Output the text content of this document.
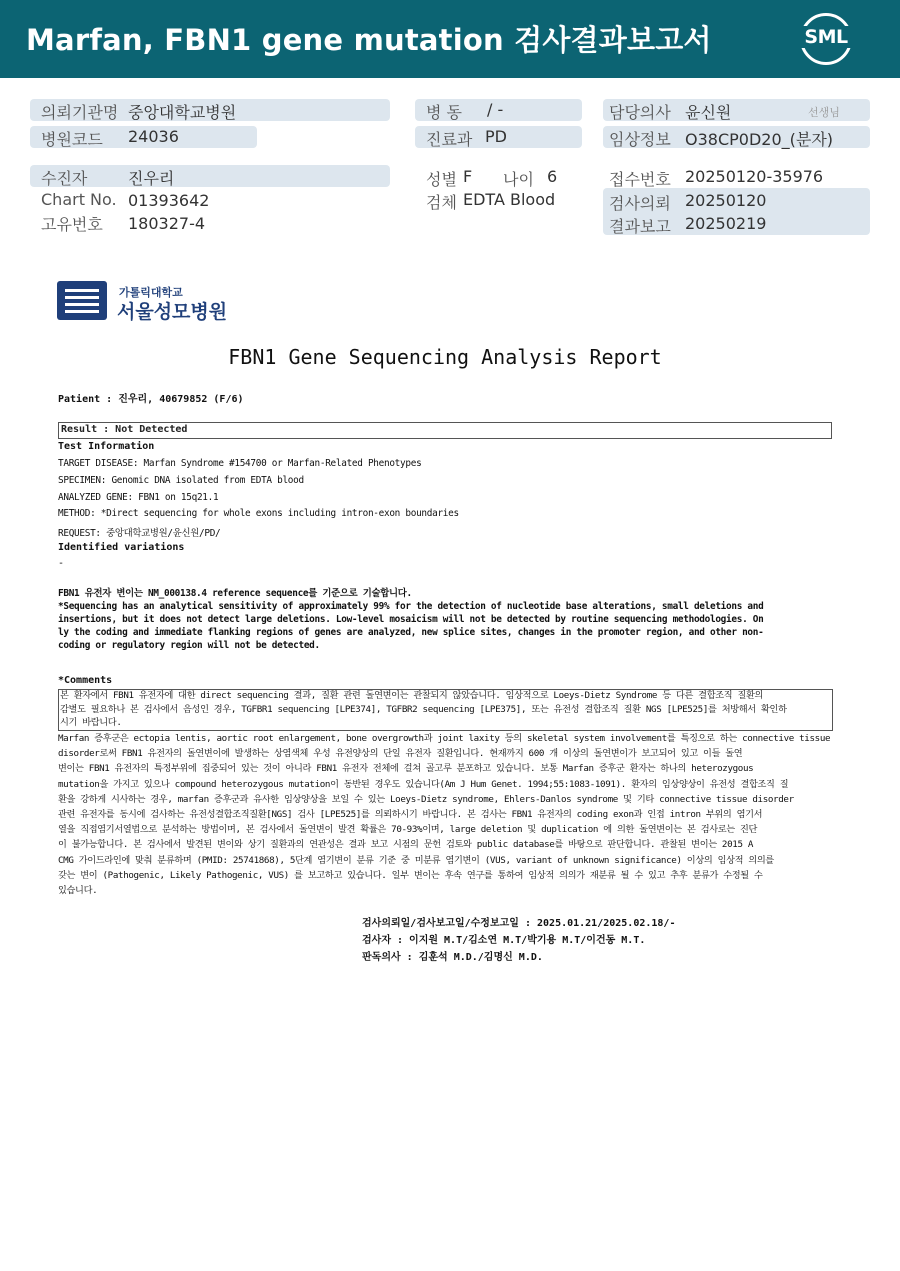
Marfan, FBN1 gene mutation 검사결과보고서	SML
의뢰기관명 중앙대학교병원
병원코드 24036
병 동 / -
진료과 PD
담당의사 윤신원	선생님
임상정보 O38CP0D20_(분자)
수진자	진우리
Chart No. 01393642
고유번호 180327-4
성별 F 나이 6
검체 EDTA Blood
접수번호 20250120-35976
검사의뢰 20250120
결과보고 20250219
가톨릭대학교
서울성모병원
FBN1 Gene Sequencing Analysis Report
Patient : 진우리, 40679852 (F/6)
Result : Not Detected
Test Information
TARGET DISEASE: Marfan Syndrome #154700 or Marfan-Related Phenotypes
SPECIMEN: Genomic DNA isolated from EDTA blood
ANALYZED GENE: FBN1 on 15q21.1
METHOD: *Direct sequencing for whole exons including intron-exon boundaries
REQUEST: 중앙대학교병원/윤신원/PD/
Identified variations
-
FBN1 유전자 변이는 NM_000138.4 reference sequence를 기준으로 기술합니다.
*Sequencing has an analytical sensitivity of approximately 99% for the detection of nucleotide base alterations, small deletions and
insertions, but it does not detect large deletions. Low-level mosaicism will not be detected by routine sequencing methodologies. On
ly the coding and immediate flanking regions of genes are analyzed, new splice sites, changes in the promoter region, and other non-
coding or regulatory region will not be detected.
*Comments
본 환자에서 FBN1 유전자에 대한 direct sequencing 결과, 질환 관련 돌연변이는 관찰되지 않았습니다. 임상적으로 Loeys-Dietz Syndrome 등 다른 결합조직 질환의
감별도 필요하나 본 검사에서 음성인 경우, TGFBR1 sequencing [LPE374], TGFBR2 sequencing [LPE375], 또는 유전성 결합조직 질환 NGS [LPE525]를 처방해서 확인하
시기 바랍니다.
Marfan 증후군은 ectopia lentis, aortic root enlargement, bone overgrowth과 joint laxity 등의 skeletal system involvement를 특징으로 하는 connective tissue
disorder로써 FBN1 유전자의 돌연변이에 발생하는 상염색체 우성 유전양상의 단일 유전자 질환입니다. 현재까지 600 개 이상의 돌연변이가 보고되어 있고 이들 돌연
변이는 FBN1 유전자의 특정부위에 집중되어 있는 것이 아니라 FBN1 유전자 전체에 걸쳐 골고루 분포하고 있습니다. 보통 Marfan 증후군 환자는 하나의 heterozygous
mutation을 가지고 있으나 compound heterozygous mutation이 동반된 경우도 있습니다(Am J Hum Genet. 1994;55:1083-1091). 환자의 임상양상이 유전성 결합조직 질
환을 강하게 시사하는 경우, marfan 증후군과 유사한 임상양상을 보일 수 있는 Loeys-Dietz syndrome, Ehlers-Danlos syndrome 및 기타 connective tissue disorder
관련 유전자를 동시에 검사하는 유전성결합조직질환[NGS] 검사 [LPE525]를 의뢰하시기 바랍니다. 본 검사는 FBN1 유전자의 coding exon과 인접 intron 부위의 염기서
열을 직접염기서열법으로 분석하는 방법이며, 본 검사에서 돌연변이 발견 확률은 70-93%이며, large deletion 및 duplication 에 의한 돌연변이는 본 검사로는 진단
이 불가능합니다. 본 검사에서 발견된 변이와 상기 질환과의 연관성은 결과 보고 시점의 문헌 검토와 public database를 바탕으로 판단합니다. 관찰된 변이는 2015 A
CMG 가이드라인에 맞춰 분류하며 (PMID: 25741868), 5단계 염기변이 분류 기준 중 미분류 염기변이 (VUS, variant of unknown significance) 이상의 임상적 의의를
갖는 변이 (Pathogenic, Likely Pathogenic, VUS) 를 보고하고 있습니다. 일부 변이는 후속 연구를 통하여 임상적 의의가 재분류 될 수 있고 추후 분류가 수정될 수
있습니다.
검사의뢰일/검사보고일/수정보고일 : 2025.01.21/2025.02.18/-
검사자 : 이지원 M.T/김소연 M.T/박기용 M.T/이건동 M.T.
판독의사 : 김훈석 M.D./김명신 M.D.
